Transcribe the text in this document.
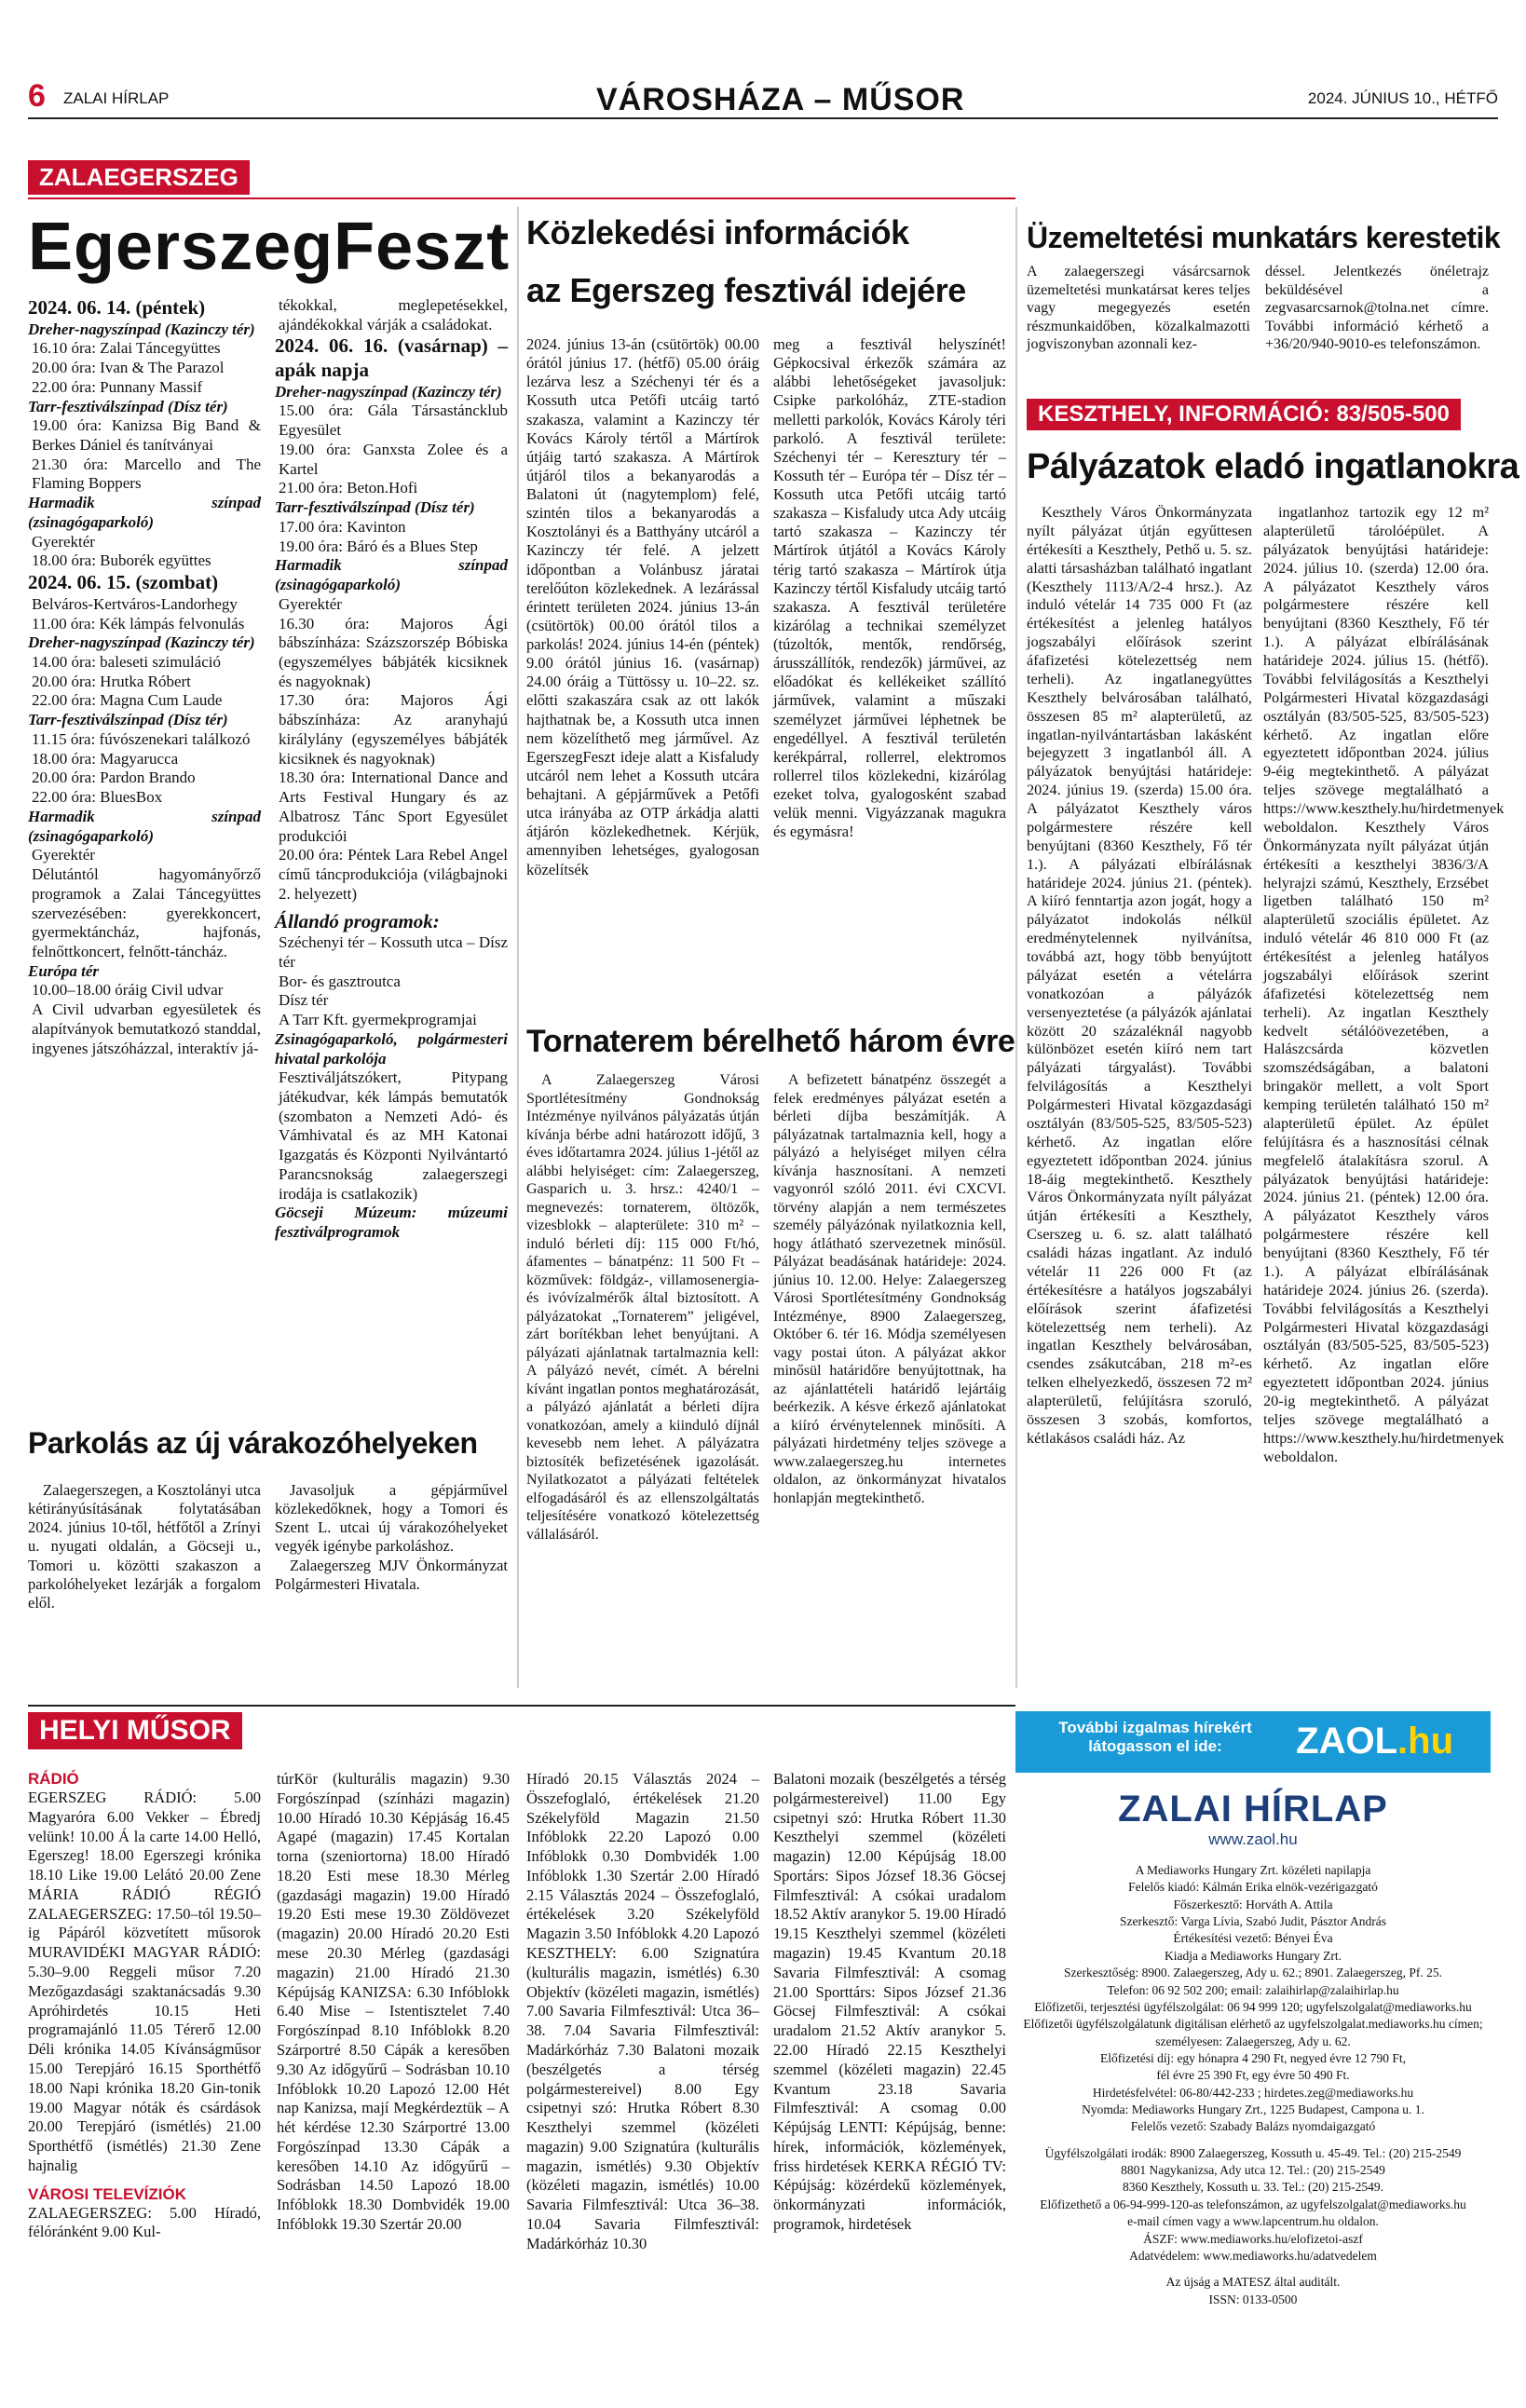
6 ZALAI HÍRLAP	VÁROSHÁZA – MŰSOR	2024. JÚNIUS 10., HÉTFŐ
ZALAEGERSZEG
EgerszegFeszt

2024. 06. 14. (péntek)

Dreher-nagyszínpad (Kazinczy tér)

16.10 óra: Zalai Táncegyüttes

20.00 óra: Ivan & The Parazol

22.00 óra: Punnany Massif

Tarr-fesztiválszínpad (Dísz tér)

19.00 óra: Kanizsa Big Band & Berkes Dániel és tanítványai

21.30 óra: Marcello and The Flaming Boppers

Harmadik színpad (zsinagógaparkoló)

Gyerektér

18.00 óra: Buborék együttes

2024. 06. 15. (szombat)

Belváros-Kertváros-Landorhegy

11.00 óra: Kék lámpás felvonulás

Dreher-nagyszínpad (Kazinczy tér)

14.00 óra: baleseti szimuláció

20.00 óra: Hrutka Róbert

22.00 óra: Magna Cum Laude

Tarr-fesztiválszínpad (Dísz tér)

11.15 óra: fúvószenekari találkozó

18.00 óra: Magyarucca

20.00 óra: Pardon Brando

22.00 óra: BluesBox

Harmadik színpad (zsinagógaparkoló)

Gyerektér

Délutántól hagyományőrző programok a Zalai Táncegyüttes szervezésében: gyerekkoncert, gyermektáncház, hajfonás, felnőttkoncert, felnőtt-táncház.

Európa tér

10.00–18.00 óráig Civil udvar

A Civil udvarban egyesületek és alapítványok bemutatkozó standdal, ingyenes játszóházzal, interaktív já-

tékokkal, meglepetésekkel, ajándékokkal várják a családokat.

2024. 06. 16. (vasárnap) – apák napja

Dreher-nagyszínpad (Kazinczy tér)

15.00 óra: Gála Társastáncklub Egyesület

19.00 óra: Ganxsta Zolee és a Kartel

21.00 óra: Beton.Hofi

Tarr-fesztiválszínpad (Dísz tér)

17.00 óra: Kavinton

19.00 óra: Báró és a Blues Step

Harmadik színpad (zsinagógaparkoló)

Gyerektér

16.30 óra: Majoros Ági bábszínháza: Százszorszép Bóbiska (egyszemélyes bábjáték kicsiknek és nagyoknak)

17.30 óra: Majoros Ági bábszínháza: Az aranyhajú királylány (egyszemélyes bábjáték kicsiknek és nagyoknak)

18.30 óra: International Dance and Arts Festival Hungary és az Albatrosz Tánc Sport Egyesület produkciói

20.00 óra: Péntek Lara Rebel Angel című táncprodukciója (világbajnoki 2. helyezett)

Állandó programok:

Széchenyi tér – Kossuth utca – Dísz tér

Bor- és gasztroutca

Dísz tér

A Tarr Kft. gyermekprogramjai

Zsinagógaparkoló, polgármesteri hivatal parkolója

Fesztiváljátszókert, Pitypang játékudvar, kék lámpás bemutatók (szombaton a Nemzeti Adó- és Vámhivatal és az MH Katonai Igazgatás és Központi Nyilvántartó Parancsnokság zalaegerszegi irodája is csatlakozik)

Göcseji Múzeum: múzeumi fesztiválprogramok

Parkolás az új várakozóhelyeken

Zalaegerszegen, a Kosztolányi utca kétirányúsításának folytatásában 2024. június 10-től, hétfőtől a Zrínyi u. nyugati oldalán, a Göcseji u., Tomori u. közötti szakaszon a parkolóhelyeket lezárják a forgalom elől.

Javasoljuk a gépjárművel közlekedőknek, hogy a Tomori és Szent L. utcai új várakozóhelyeket vegyék igénybe parkoláshoz.

Zalaegerszeg MJV Önkormányzat Polgármesteri Hivatala.

Közlekedési információk
az Egerszeg fesztivál idejére

2024. június 13-án (csütörtök) 00.00 órától június 17. (hétfő) 05.00 óráig lezárva lesz a Széchenyi tér és a Kossuth utca Petőfi utcáig tartó szakasza, valamint a Kazinczy tér Kovács Károly tértől a Mártírok útjáig tartó szakasza. A Mártírok útjáról tilos a bekanyarodás a Balatoni út (nagytemplom) felé, szintén tilos a bekanyarodás a Kosztolányi és a Batthyány utcáról a Kazinczy tér felé. A jelzett időpontban a Volánbusz járatai terelőúton közlekednek. A lezárással érintett területen 2024. június 13-án (csütörtök) 00.00 órától tilos a parkolás! 2024. június 14-én (péntek) 9.00 órától június 16. (vasárnap) 24.00 óráig a Tüttössy u. 10–22. sz. előtti szakaszára csak az ott lakók hajthatnak be, a Kossuth utca innen nem közelíthető meg járművel. Az EgerszegFeszt ideje alatt a Kisfaludy utcáról nem lehet a Kossuth utcára behajtani. A gépjárművek a Petőfi utca irányába az OTP árkádja alatti átjárón közlekedhetnek. Kérjük, amennyiben lehetséges, gyalogosan közelítsék

meg a fesztivál helyszínét! Gépkocsival érkezők számára az alábbi lehetőségeket javasoljuk: Csipke parkolóház, ZTE-stadion melletti parkolók, Kovács Károly téri parkoló. A fesztivál területe: Széchenyi tér – Keresztury tér – Kossuth tér – Európa tér – Dísz tér – Kossuth utca Petőfi utcáig tartó szakasza – Kisfaludy utca Ady utcáig tartó szakasza – Kazinczy tér Mártírok útjától a Kovács Károly térig tartó szakasza – Mártírok útja Kazinczy tértől Kisfaludy utcáig tartó szakasza. A fesztivál területére kizárólag a technikai személyzet (túzoltók, mentők, rendőrség, árusszállítók, rendezők) járművei, az előadókat és kellékeiket szállító járművek, valamint a műszaki személyzet járművei léphetnek be engedéllyel. A fesztivál területén kerékpárral, rollerrel, elektromos rollerrel tilos közlekedni, kizárólag ezeket tolva, gyalogosként szabad velük menni. Vigyázzanak magukra és egymásra!

Tornaterem bérelhető három évre

A Zalaegerszeg Városi Sportlétesítmény Gondnokság Intézménye nyilvános pályázatás útján kívánja bérbe adni határozott időjű, 3 éves időtartamra 2024. július 1-jétől az alábbi helyiséget: cím: Zalaegerszeg, Gasparich u. 3. hrsz.: 4240/1 – megnevezés: tornaterem, öltözők, vizesblokk – alapterülete: 310 m² – induló bérleti díj: 115 000 Ft/hó, áfamentes – bánatpénz: 11 500 Ft – közművek: földgáz-, villamosenergia- és ivóvízalmérők által biztosított. A pályázatokat „Tornaterem” jeligével, zárt borítékban lehet benyújtani. A pályázati ajánlatnak tartalmaznia kell: A pályázó nevét, címét. A bérelni kívánt ingatlan pontos meghatározását, a pályázó ajánlatát a bérleti díjra vonatkozóan, amely a kiinduló díjnál kevesebb nem lehet. A pályázatra biztosíték befizetésének igazolását. Nyilatkozatot a pályázati feltételek elfogadásáról és az ellenszolgáltatás teljesítésére vonatkozó kötelezettség vállalásáról.

A befizetett bánatpénz összegét a felek eredményes pályázat esetén a bérleti díjba beszámítják. A pályázatnak tartalmaznia kell, hogy a pályázó a helyiséget milyen célra kívánja hasznosítani. A nemzeti vagyonról szóló 2011. évi CXCVI. törvény alapján a nem természetes személy pályázónak nyilatkoznia kell, hogy átlátható szervezetnek minősül. Pályázat beadásának határideje: 2024. június 10. 12.00. Helye: Zalaegerszeg Városi Sportlétesítmény Gondnokság Intézménye, 8900 Zalaegerszeg, Október 6. tér 16. Módja személyesen vagy postai úton. A pályázat akkor minősül határidőre benyújtottnak, ha az ajánlattételi határidő lejártáig beérkezik. A késve érkező ajánlatokat a kiíró érvénytelennek minősíti. A pályázati hirdetmény teljes szövege a www.zalaegerszeg.hu internetes oldalon, az önkormányzat hivatalos honlapján megtekinthető.

Üzemeltetési munkatárs kerestetik

A zalaegerszegi vásárcsarnok üzemeltetési munkatársat keres teljes vagy megegyezés esetén részmunkaidőben, közalkalmazotti jogviszonyban azonnali kez-

déssel. Jelentkezés önéletrajz beküldésével a zegvasarcsarnok@tolna.net címre. További információ kérhető a +36/20/940-9010-es telefonszámon.

KESZTHELY, INFORMÁCIÓ: 83/505-500
Pályázatok eladó ingatlanokra

Keszthely Város Önkormányzata nyílt pályázat útján egyűttesen értékesíti a Keszthely, Pethő u. 5. sz. alatti társasházban található ingatlant (Keszthely 1113/A/2-4 hrsz.). Az induló vételár 14 735 000 Ft (az értékesítést a jelenleg hatályos jogszabályi előírások szerint áfafizetési kötelezettség nem terheli). Az ingatlanegyüttes Keszthely belvárosában található, összesen 85 m² alapterületű, az ingatlan-nyilvántartásban lakásként bejegyzett 3 ingatlanból áll. A pályázatok benyújtási határideje: 2024. június 19. (szerda) 15.00 óra. A pályázatot Keszthely város polgármestere részére kell benyújtani (8360 Keszthely, Fő tér 1.). A pályázati elbírálásnak határideje 2024. június 21. (péntek). A kiíró fenntartja azon jogát, hogy a pályázatot indokolás nélkül eredménytelennek nyilvánítsa, továbbá azt, hogy több benyújtott pályázat esetén a vételárra vonatkozóan a pályázók versenyeztetése (a pályázók ajánlatai között 20 százaléknál nagyobb különbözet esetén kiíró nem tart pályázati tárgyalást). További felvilágosítás a Keszthelyi Polgármesteri Hivatal közgazdasági osztályán (83/505-525, 83/505-523) kérhető. Az ingatlan előre egyeztetett időpontban 2024. június 18-áig megtekinthető. Keszthely Város Önkormányzata nyílt pályázat útján értékesíti a Keszthely, Cserszeg u. 6. sz. alatt található családi házas ingatlant. Az induló vételár 11 226 000 Ft (az értékesítésre a hatályos jogszabályi előírások szerint áfafizetési kötelezettség nem terheli). Az ingatlan Keszthely belvárosában, csendes zsákutcában, 218 m²-es telken elhelyezkedő, összesen 72 m² alapterületű, felújításra szoruló, összesen 3 szobás, komfortos, kétlakásos családi ház. Az

ingatlanhoz tartozik egy 12 m² alapterületű tárolóépület. A pályázatok benyújtási határideje: 2024. július 10. (szerda) 12.00 óra. A pályázatot Keszthely város polgármestere részére kell benyújtani (8360 Keszthely, Fő tér 1.). A pályázat elbírálásának határideje 2024. július 15. (hétfő). További felvilágosítás a Keszthelyi Polgármesteri Hivatal közgazdasági osztályán (83/505-525, 83/505-523) kérhető. Az ingatlan előre egyeztetett időpontban 2024. július 9-éig megtekinthető. A pályázat teljes szövege megtalálható a https://www.keszthely.hu/hirdetmenyek weboldalon. Keszthely Város Önkormányzata nyílt pályázat útján értékesíti a keszthelyi 3836/3/A helyrajzi számú, Keszthely, Erzsébet ligetben található 150 m² alapterületű szociális épületet. Az induló vételár 46 810 000 Ft (az értékesítést a jelenleg hatályos jogszabályi előírások szerint áfafizetési kötelezettség nem terheli). Az ingatlan Keszthely kedvelt sétálóövezetében, a Halászcsárda közvetlen szomszédságában, a balatoni bringakör mellett, a volt Sport kemping területén található 150 m² alapterületű épület. Az épület felújításra és a hasznosítási célnak megfelelő átalakításra szorul. A pályázatok benyújtási határideje: 2024. június 21. (péntek) 12.00 óra. A pályázatot Keszthely város polgármestere részére kell benyújtani (8360 Keszthely, Fő tér 1.). A pályázat elbírálásának határideje 2024. június 26. (szerda). További felvilágosítás a Keszthelyi Polgármesteri Hivatal közgazdasági osztályán (83/505-525, 83/505-523) kérhető. Az ingatlan előre egyeztetett időpontban 2024. június 20-ig megtekinthető. A pályázat teljes szövege megtalálható a https://www.keszthely.hu/hirdetmenyek weboldalon.

HELYI MŰSOR
RÁDIÓ

EGERSZEG RÁDIÓ: 5.00 Magyaróra 6.00 Vekker – Ébredj velünk! 10.00 Á la carte 14.00 Helló, Egerszeg! 18.00 Egerszegi krónika 18.10 Like 19.00 Lelátó 20.00 Zene MÁRIA RÁDIÓ RÉGIÓ ZALAEGERSZEG: 17.50–tól 19.50–ig Pápáról közvetített műsorok MURAVIDÉKI MAGYAR RÁDIÓ: 5.30–9.00 Reggeli műsor 7.20 Mezőgazdasági szaktanácsadás 9.30 Apróhirdetés 10.15 Heti programajánló 11.05 Térerő 12.00 Déli krónika 14.05 Kívánságműsor 15.00 Terepjáró 16.15 Sporthétfő 18.00 Napi krónika 18.20 Gin-tonik 19.00 Magyar nóták és csárdások 20.00 Terepjáró (ismétlés) 21.00 Sporthétfő (ismétlés) 21.30 Zene hajnalig

VÁROSI TELEVÍZIÓK

ZALAEGERSZEG: 5.00 Híradó, félóránként 9.00 Kul-

túrKör (kulturális magazin) 9.30 Forgószínpad (színházi magazin) 10.00 Híradó 10.30 Képjáság 16.45 Agapé (magazin) 17.45 Kortalan torna (szeniortorna) 18.00 Híradó 18.20 Esti mese 18.30 Mérleg (gazdasági magazin) 19.00 Híradó 19.20 Esti mese 19.30 Zöldövezet (magazin) 20.00 Híradó 20.20 Esti mese 20.30 Mérleg (gazdasági magazin) 21.00 Híradó 21.30 Képújság KANIZSA: 6.30 Infóblokk 6.40 Mise – Istentisztelet 7.40 Forgószínpad 8.10 Infóblokk 8.20 Szárportré 8.50 Cápák a keresőben 9.30 Az időgyűrű – Sodrásban 10.10 Infóblokk 10.20 Lapozó 12.00 Hét nap Kanizsa, mají Megkérdeztük – A hét kérdése 12.30 Szárportré 13.00 Forgószínpad 13.30 Cápák a keresőben 14.10 Az időgyűrű – Sodrásban 14.50 Lapozó 18.00 Infóblokk 18.30 Dombvidék 19.00 Infóblokk 19.30 Szertár 20.00

Híradó 20.15 Választás 2024 – Összefoglaló, értékelések 21.20 Székelyföld Magazin 21.50 Infóblokk 22.20 Lapozó 0.00 Infóblokk 0.30 Dombvidék 1.00 Infóblokk 1.30 Szertár 2.00 Híradó 2.15 Választás 2024 – Összefoglaló, értékelések 3.20 Székelyföld Magazin 3.50 Infóblokk 4.20 Lapozó KESZTHELY: 6.00 Szignatúra (kulturális magazin, ismétlés) 6.30 Objektív (közéleti magazin, ismétlés) 7.00 Savaria Filmfesztivál: Utca 36–38. 7.04 Savaria Filmfesztivál: Madárkórház 7.30 Balatoni mozaik (beszélgetés a térség polgármestereivel) 8.00 Egy csipetnyi szó: Hrutka Róbert 8.30 Keszthelyi szemmel (közéleti magazin) 9.00 Szignatúra (kulturális magazin, ismétlés) 9.30 Objektív (közéleti magazin, ismétlés) 10.00 Savaria Filmfesztivál: Utca 36–38. 10.04 Savaria Filmfesztivál: Madárkórház 10.30

Balatoni mozaik (beszélgetés a térség polgármestereivel) 11.00 Egy csipetnyi szó: Hrutka Róbert 11.30 Keszthelyi szemmel (közéleti magazin) 12.00 Képújság 18.00 Sportárs: Sipos József 18.36 Göcsej Filmfesztivál: A csókai uradalom 18.52 Aktív aranykor 5. 19.00 Híradó 19.15 Keszthelyi szemmel (közéleti magazin) 19.45 Kvantum 20.18 Savaria Filmfesztivál: A csomag 21.00 Sporttárs: Sipos József 21.36 Göcsej Filmfesztivál: A csókai uradalom 21.52 Aktív aranykor 5. 22.00 Híradó 22.15 Keszthelyi szemmel (közéleti magazin) 22.45 Kvantum 23.18 Savaria Filmfesztivál: A csomag 0.00 Képújság LENTI: Képújság, benne: hírek, információk, közlemények, friss hirdetések KERKA RÉGIÓ TV: Képújság: közérdekű közlemények, önkormányzati információk, programok, hirdetések

További izgalmas hírekért látogasson el ide:	ZAOL.hu
ZALAI HÍRLAP
www.zaol.hu
A Mediaworks Hungary Zrt. közéleti napilapja
Felelős kiadó: Kálmán Erika elnök-vezérigazgató
Főszerkesztő: Horváth A. Attila
Szerkesztő: Varga Lívia, Szabó Judit, Pásztor András
Értékesítési vezető: Bényei Éva
Kiadja a Mediaworks Hungary Zrt.
Szerkesztőség: 8900. Zalaegerszeg, Ady u. 62.; 8901. Zalaegerszeg, Pf. 25.
Telefon: 06 92 502 200; email: zalaihirlap@zalaihirlap.hu
Előfizetői, terjesztési ügyfélszolgálat: 06 94 999 120; ugyfelszolgalat@mediaworks.hu
Előfizetői ügyfélszolgálatunk digitálisan elérhető az ugyfelszolgalat.mediaworks.hu címen;
személyesen: Zalaegerszeg, Ady u. 62.
Előfizetési díj: egy hónapra 4 290 Ft, negyed évre 12 790 Ft,
fél évre 25 390 Ft, egy évre 50 490 Ft.
Hirdetésfelvétel: 06-80/442-233 ; hirdetes.zeg@mediaworks.hu
Nyomda: Mediaworks Hungary Zrt., 1225 Budapest, Campona u. 1.
Felelős vezető: Szabady Balázs nyomdaigazgató
Ügyfélszolgálati irodák: 8900 Zalaegerszeg, Kossuth u. 45-49. Tel.: (20) 215-2549
8801 Nagykanizsa, Ady utca 12. Tel.: (20) 215-2549
8360 Keszthely, Kossuth u. 33. Tel.: (20) 215-2549.
Előfizethető a 06-94-999-120-as telefonszámon, az ugyfelszolgalat@mediaworks.hu
e-mail címen vagy a www.lapcentrum.hu oldalon.
ÁSZF: www.mediaworks.hu/elofizetoi-aszf
Adatvédelem: www.mediaworks.hu/adatvedelem
Az újság a MATESZ által auditált.
ISSN: 0133-0500
